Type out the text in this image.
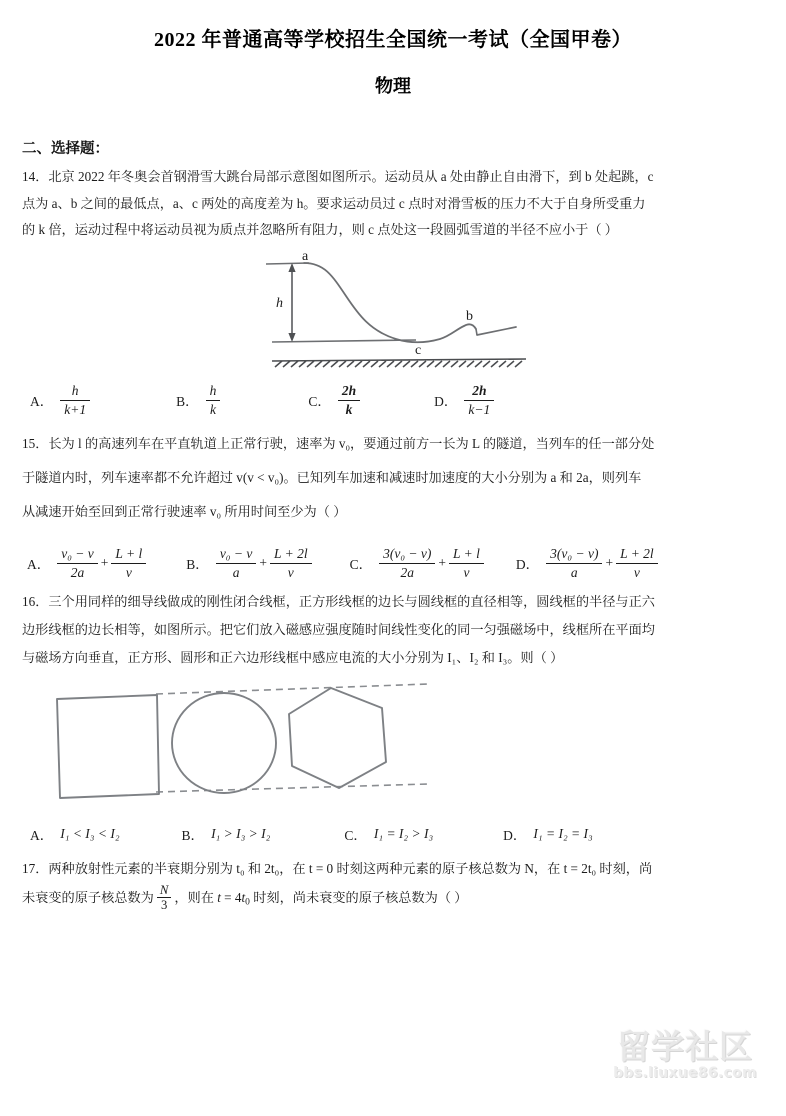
2022 年普通高等学校招生全国统一考试（全国甲卷）
物理
二、选择题：
14．北京 2022 年冬奥会首钢滑雪大跳台局部示意图如图所示。运动员从 a 处由静止自由滑下，到 b 处起跳，c
点为 a、b 之间的最低点，a、c 两处的高度差为 h。要求运动员过 c 点时对滑雪板的压力不大于自身所受重力
的 k 倍，运动过程中将运动员视为质点并忽略所有阻力，则 c 点处这一段圆弧雪道的半径不应小于（ ）
a
b
c
h
A． $\frac{h}{k+1}$	B． $\frac{h}{k}$	C． $\frac{2h}{k}$	D． $\frac{2h}{k-1}$
15．长为 l 的高速列车在平直轨道上正常行驶，速率为 v₀，要通过前方一长为 L 的隧道，当列车的任一部分处
于隧道内时，列车速率都不允许超过 v(v < v₀)。已知列车加速和减速时加速度的大小分别为 a 和 2a，则列车
从减速开始至回到正常行驶速率 v₀ 所用时间至少为（ ）
A． $\frac{\text{v₀ − v}}{2a} + \frac{L + l}{v}$	B． $\frac{\text{v₀ − v}}{a} + \frac{L + 2l}{v}$	C． $\frac{\text{3(v₀ − v)}}{2a} + \frac{L + l}{v}$ D． $\frac{\text{3(v₀ − v)}}{a} + \frac{L + 2l}{v}$
16．三个用同样的细导线做成的刚性闭合线框，正方形线框的边长与圆线框的直径相等，圆线框的半径与正六
边形线框的边长相等，如图所示。把它们放入磁感应强度随时间线性变化的同一匀强磁场中，线框所在平面均
与磁场方向垂直，正方形、圆形和正六边形线框中感应电流的大小分别为 I₁、I₂ 和 I₃。则（ ）
A． I₁ < I₃ < I₂	B． I₁ > I₃ > I₂	C． I₁ = I₂ > I₃	D． I₁ = I₂ = I₃
17．两种放射性元素的半衰期分别为 t₀ 和 2t₀，在 t = 0 时刻这两种元素的原子核总数为 N，在 t = 2t₀ 时刻，尚
未衰变的原子核总数为 $\frac{N}{3}$ ，则在 $t = 4t_0$ 时刻，尚未衰变的原子核总数为（ ）
留学社区
bbs.liuxue86.com
